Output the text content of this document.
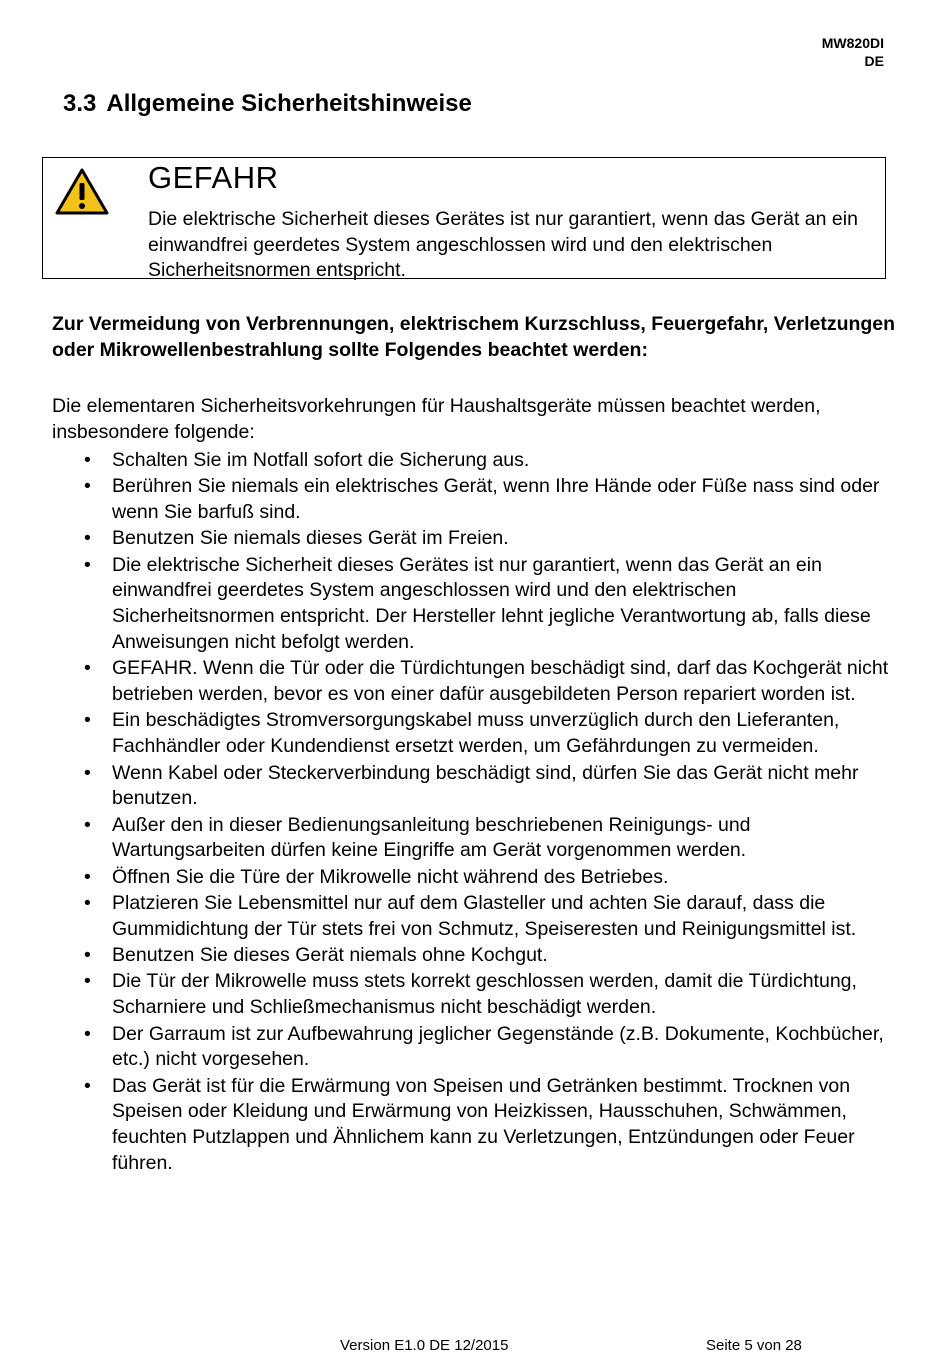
MW820DI
DE
3.3 Allgemeine Sicherheitshinweise
GEFAHR
Die elektrische Sicherheit dieses Gerätes ist nur garantiert, wenn das Gerät an ein einwandfrei geerdetes System angeschlossen wird und den elektrischen Sicherheitsnormen entspricht.
Zur Vermeidung von Verbrennungen, elektrischem Kurzschluss, Feuergefahr, Verletzungen oder Mikrowellenbestrahlung sollte Folgendes beachtet werden:
Die elementaren Sicherheitsvorkehrungen für Haushaltsgeräte müssen beachtet werden, insbesondere folgende:
• Schalten Sie im Notfall sofort die Sicherung aus.
• Berühren Sie niemals ein elektrisches Gerät, wenn Ihre Hände oder Füße nass sind oder wenn Sie barfuß sind.
• Benutzen Sie niemals dieses Gerät im Freien.
• Die elektrische Sicherheit dieses Gerätes ist nur garantiert, wenn das Gerät an ein einwandfrei geerdetes System angeschlossen wird und den elektrischen Sicherheitsnormen entspricht. Der Hersteller lehnt jegliche Verantwortung ab, falls diese Anweisungen nicht befolgt werden.
• GEFAHR. Wenn die Tür oder die Türdichtungen beschädigt sind, darf das Kochgerät nicht betrieben werden, bevor es von einer dafür ausgebildeten Person repariert worden ist.
• Ein beschädigtes Stromversorgungskabel muss unverzüglich durch den Lieferanten, Fachhändler oder Kundendienst ersetzt werden, um Gefährdungen zu vermeiden.
• Wenn Kabel oder Steckerverbindung beschädigt sind, dürfen Sie das Gerät nicht mehr benutzen.
• Außer den in dieser Bedienungsanleitung beschriebenen Reinigungs- und Wartungsarbeiten dürfen keine Eingriffe am Gerät vorgenommen werden.
• Öffnen Sie die Türe der Mikrowelle nicht während des Betriebes.
• Platzieren Sie Lebensmittel nur auf dem Glasteller und achten Sie darauf, dass die Gummidichtung der Tür stets frei von Schmutz, Speiseresten und Reinigungsmittel ist.
• Benutzen Sie dieses Gerät niemals ohne Kochgut.
• Die Tür der Mikrowelle muss stets korrekt geschlossen werden, damit die Türdichtung, Scharniere und Schließmechanismus nicht beschädigt werden.
• Der Garraum ist zur Aufbewahrung jeglicher Gegenstände (z.B. Dokumente, Kochbücher, etc.) nicht vorgesehen.
• Das Gerät ist für die Erwärmung von Speisen und Getränken bestimmt. Trocknen von Speisen oder Kleidung und Erwärmung von Heizkissen, Hausschuhen, Schwämmen, feuchten Putzlappen und Ähnlichem kann zu Verletzungen, Entzündungen oder Feuer führen.
Version E1.0 DE 12/2015	Seite 5 von 28
